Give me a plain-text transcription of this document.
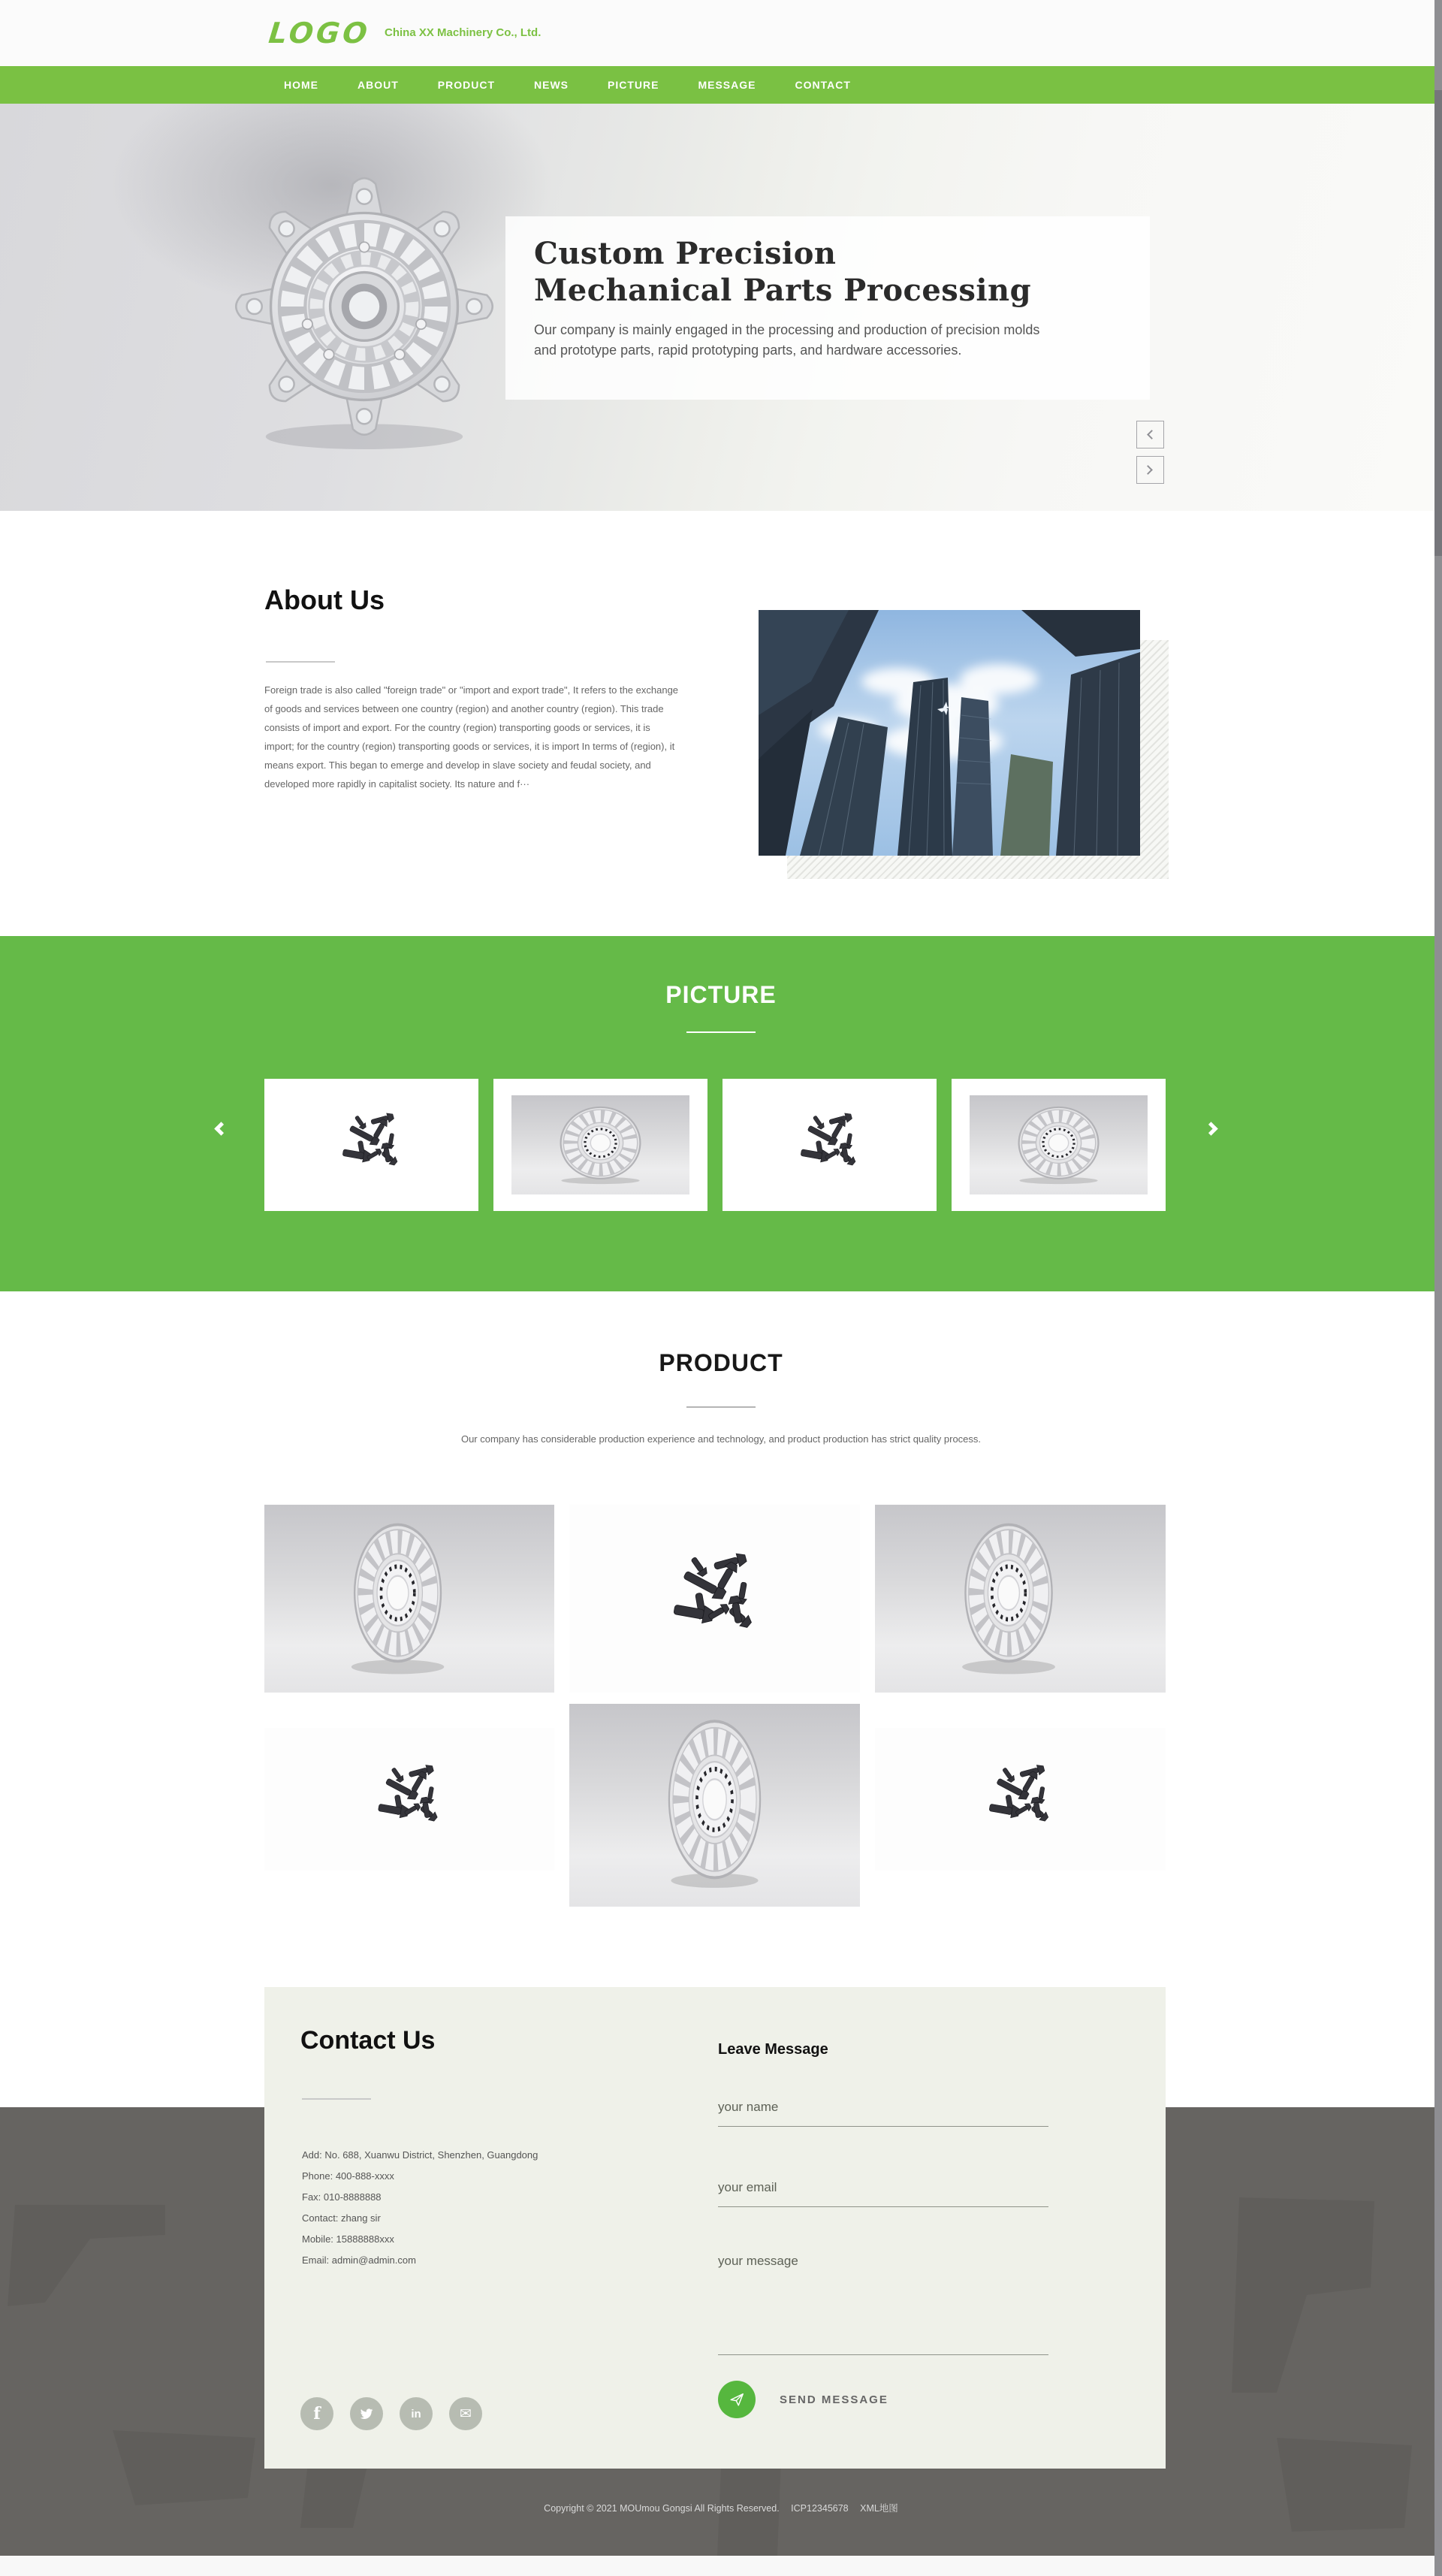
LOGO China XX Machinery Co., Ltd.
HOME	ABOUT	PRODUCT	NEWS	PICTURE	MESSAGE	CONTACT
Custom Precision
Mechanical Parts Processing
Our company is mainly engaged in the processing and production of precision molds and prototype parts, rapid prototyping parts, and hardware accessories.
About Us
Foreign trade is also called "foreign trade" or "import and export trade", It refers to the exchange of goods and services between one country (region) and another country (region). This trade consists of import and export. For the country (region) transporting goods or services, it is import; for the country (region) transporting goods or services, it is import In terms of (region), it means export. This began to emerge and develop in slave society and feudal society, and developed more rapidly in capitalist society. Its nature and f···
PICTURE
PRODUCT
Our company has considerable production experience and technology, and product production has strict quality process.
Copyright © 2021 MOUmou Gongsi All Rights Reserved. ICP12345678 XML地图
Contact Us
Add: No. 688, Xuanwu District, Shenzhen, Guangdong
Phone: 400-888-xxxx
Fax: 010-8888888
Contact: zhang sir
Mobile: 15888888xxx
Email: admin@admin.com
f	in	✉
Leave Message
your name
your email
your message
SEND MESSAGE
